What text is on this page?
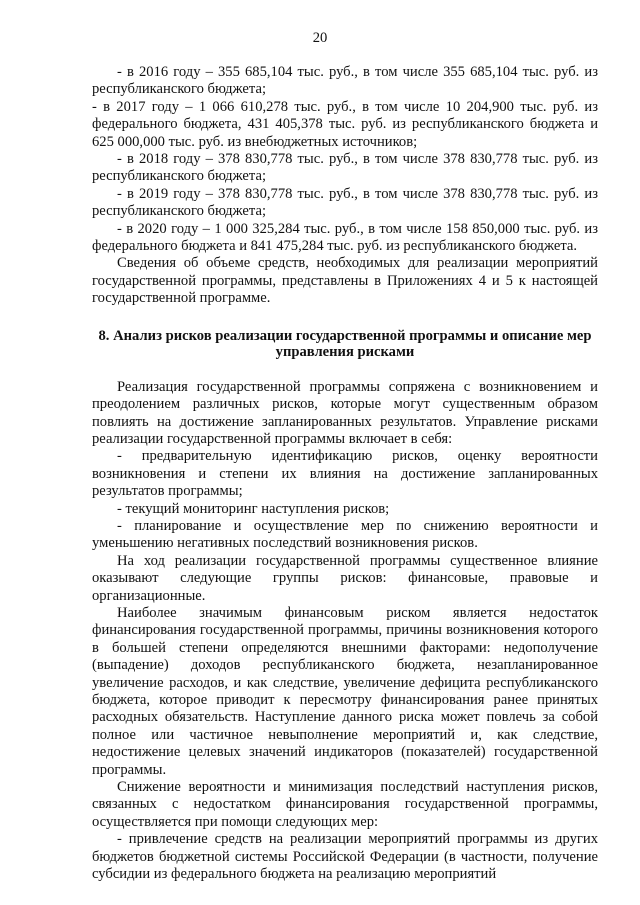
20

- в 2016 году – 355 685,104 тыс. руб., в том числе 355 685,104 тыс. руб. из республиканского бюджета;

- в 2017 году – 1 066 610,278 тыс. руб., в том числе 10 204,900 тыс. руб. из федерального бюджета, 431 405,378 тыс. руб. из республиканского бюджета и 625 000,000 тыс. руб. из внебюджетных источников;

- в 2018 году – 378 830,778 тыс. руб., в том числе 378 830,778 тыс. руб. из республиканского бюджета;

- в 2019 году – 378 830,778 тыс. руб., в том числе 378 830,778 тыс. руб. из республиканского бюджета;

- в 2020 году – 1 000 325,284 тыс. руб., в том числе 158 850,000 тыс. руб. из федерального бюджета и 841 475,284 тыс. руб. из республиканского бюджета.

Сведения об объеме средств, необходимых для реализации мероприятий государственной программы, представлены в Приложениях 4 и 5 к настоящей государственной программе.

8. Анализ рисков реализации государственной программы и описание мер управления рисками

Реализация государственной программы сопряжена с возникновением и преодолением различных рисков, которые могут существенным образом повлиять на достижение запланированных результатов. Управление рисками реализации государственной программы включает в себя:

- предварительную идентификацию рисков, оценку вероятности возникновения и степени их влияния на достижение запланированных результатов программы;

- текущий мониторинг наступления рисков;

- планирование и осуществление мер по снижению вероятности и уменьшению негативных последствий возникновения рисков.

На ход реализации государственной программы существенное влияние оказывают следующие группы рисков: финансовые, правовые и организационные.

Наиболее значимым финансовым риском является недостаток финансирования государственной программы, причины возникновения которого в большей степени определяются внешними факторами: недополучение (выпадение) доходов республиканского бюджета, незапланированное увеличение расходов, и как следствие, увеличение дефицита республиканского бюджета, которое приводит к пересмотру финансирования ранее принятых расходных обязательств. Наступление данного риска может повлечь за собой полное или частичное невыполнение мероприятий и, как следствие, недостижение целевых значений индикаторов (показателей) государственной программы.

Снижение вероятности и минимизация последствий наступления рисков, связанных с недостатком финансирования государственной программы, осуществляется при помощи следующих мер:

- привлечение средств на реализации мероприятий программы из других бюджетов бюджетной системы Российской Федерации (в частности, получение субсидии из федерального бюджета на реализацию мероприятий
